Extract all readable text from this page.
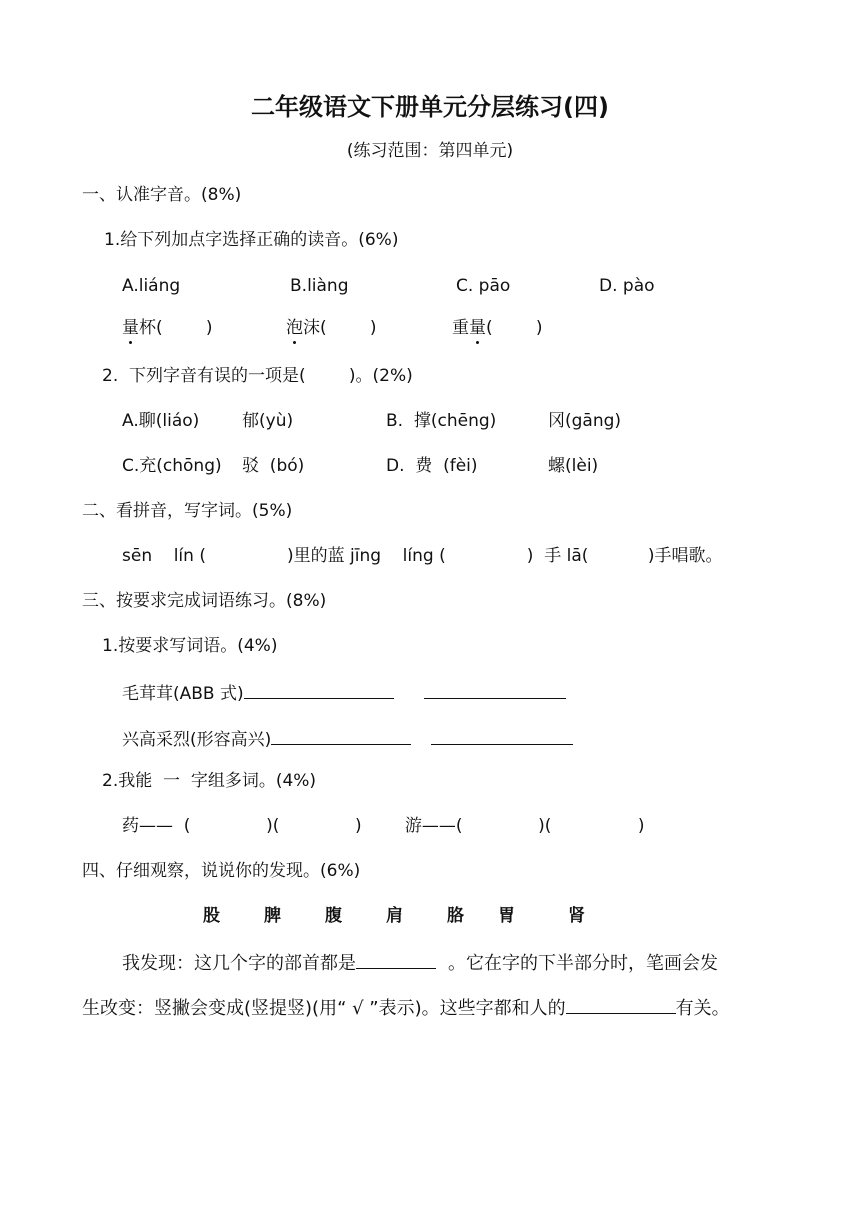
二年级语文下册单元分层练习(四)
(练习范围：第四单元)
一、认准字音。(8%)
1.给下列加点字选择正确的读音。(6%)
A.liáng	B.liàng	C. pāo	D. pào
量杯(        )	泡沫(        )	重量(        )
2.  下列字音有误的一项是(        )。(2%)
A.聊(liáo)	郁(yù)	B.  撑(chēng)	冈(gāng)
C.充(chōng) 驳  (bó)	D.  费  (fèi)	螺(lèi)
二、看拼音，写字词。(5%)
sēn    lín (               )里的蓝 jīng    líng (               )  手 lā(           )手唱歌。
三、按要求完成词语练习。(8%)
1.按要求写词语。(4%)
毛茸茸(ABB 式)
兴高采烈(形容高兴)
2.我能  一  字组多词。(4%)
药——  (              )(              )        游——(              )(                )
四、仔细观察，说说你的发现。(6%)
股	脾	腹	肩	胳 胃	肾
我发现：这几个字的部首都是	。它在字的下半部分时，笔画会发
生改变：竖撇会变成(竖提竖)(用“ √ ”表示)。这些字都和人的	有关。
